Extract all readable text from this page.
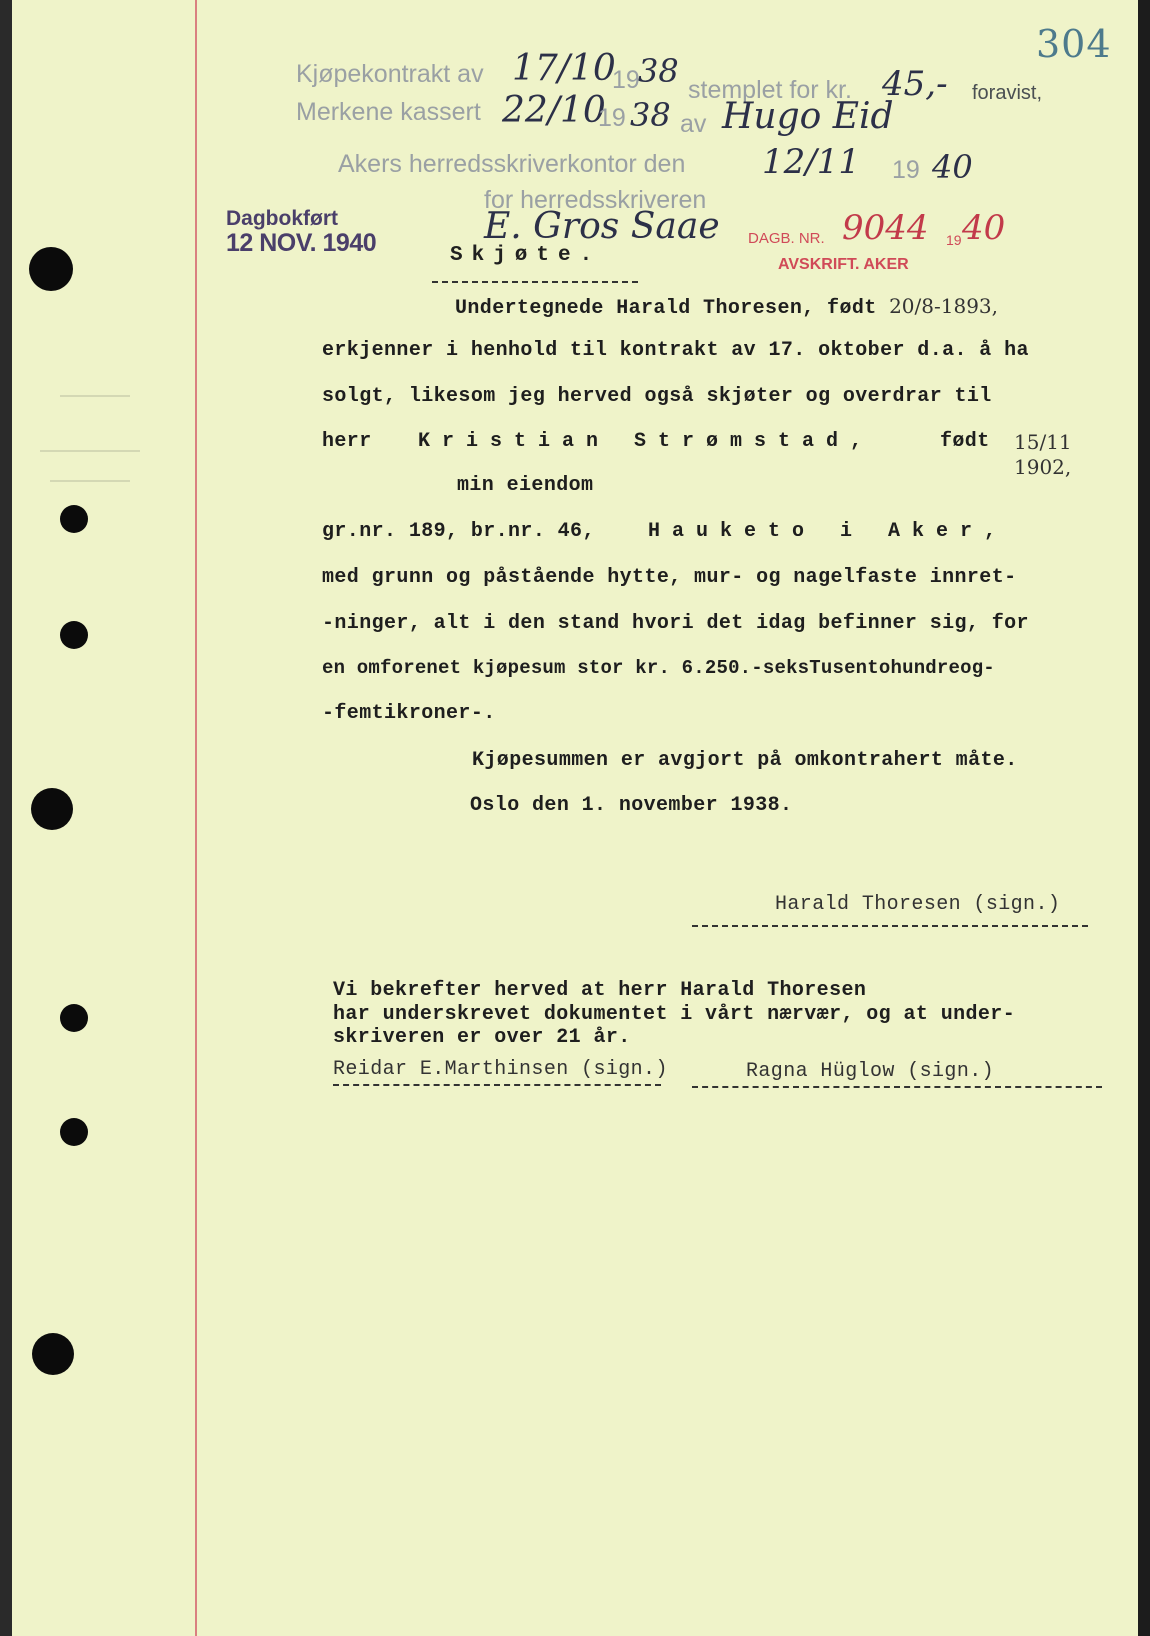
304
Kjøpekontrakt av 17/10
19
38 stemplet for kr. 45,- foravist,
Merkene kassert 22/10
19 38 av Hugo Eid
Akers herredsskriverkontor den 12/11 19 40
for herredsskriveren
E. Gros Saae
Dagbokført
12 NOV. 1940	DAGB. NR. 9044 19 40
AVSKRIFT. AKER
Skjøte.
Undertegnede Harald Thoresen, født 20/8-1893,
erkjenner i henhold til kontrakt av 17. oktober d.a. å ha
solgt, likesom jeg herved også skjøter og overdrar til
herr Kristian Strømstad,	født 15/11
1902,
min eiendom
gr.nr. 189, br.nr. 46,	Hauketo i Aker,
med grunn og påstående hytte, mur- og nagelfaste innret-
-ninger, alt i den stand hvori det idag befinner sig, for
en omforenet kjøpesum stor kr. 6.250.-seksTusentohundreog-
-femtikroner-.
Kjøpesummen er avgjort på omkontrahert måte.
Oslo den 1. november 1938.
Harald Thoresen (sign.)
Vi bekrefter herved at herr Harald Thoresen
har underskrevet dokumentet i vårt nærvær, og at under-
skriveren er over 21 år.
Reidar E.Marthinsen (sign.)	Ragna Hüglow (sign.)
